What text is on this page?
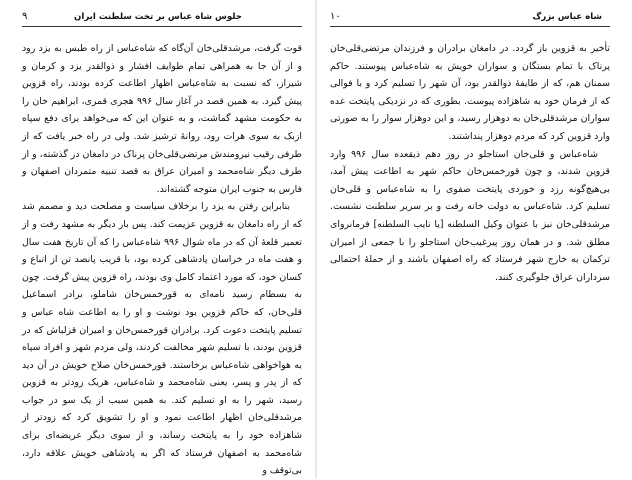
۹	جلوس شاه عباس بر تخت سلطنت ایران

قوت گرفت، مرشدقلی‌خان آن‌گاه که شاه‌عباس از راه طبس به یزد رود و از آن جا به همراهی تمام طوایف افشار و ذوالقدر یزد و کرمان و شیراز، که نسبت به شاه‌عباس اظهار اطاعت کرده بودند، راه قزوین پیش گیرد. به همین قصد در آغاز سال ۹۹۶ هجری قمری، ابراهیم خان را به حکومت مشهد گماشت، و به عنوان این که می‌خواهد برای دفع سپاه ازبک به سوی هرات رود، روانهٔ ترشیز شد. ولی در راه خبر یافت که از طرفی رقیب نیرومندش مرتضی‌قلی‌خان پرناک در دامغان در گذشته، و از طرف دیگر شاه‌محمد و امیران عراق به قصد تنبیه متمردان اصفهان و فارس به جنوب ایران متوجه گشته‌اند.

بنابراین رفتن به یزد را برخلاف سیاست و مصلحت دید و مصمم شد که از راه دامغان به قزوین عزیمت کند. پس بار دیگر به مشهد رفت و از تعمیر قلعهٔ آن که در ماه شوال ۹۹۶ شاه‌عباس را که آن تاریخ هفت سال و هفت ماه در خراسان پادشاهی کرده بود، با قریب پانصد تن از اتباع و کسان خود، که مورد اعتماد کامل وی بودند، راه قزوین پیش گرفت. چون به بسطام رسید نامه‌ای به قورخمس‌خان شاملو، برادر اسماعیل قلی‌خان، که حاکم قزوین بود نوشت و او را به اطاعت شاه عباس و تسلیم پایتخت دعوت کرد. برادران قورخمس‌خان و امیران قزلباش که در قزوین بودند، با تسلیم شهر مخالفت کردند، ولی مردم شهر و افراد سپاه به هواخواهی شاه‌عباس برخاستند. قورخمس‌خان صلاح خویش در آن دید که از پدر و پسر، یعنی شاه‌محمد و شاه‌عباس، هریک زودتر به قزوین رسید، شهر را به او تسلیم کند. به همین سبب از یک سو در جواب مرشدقلی‌خان اظهار اطاعت نمود و او را تشویق کرد که زودتر از شاهزاده خود را به پایتخت رساند، و از سوی دیگر عریضه‌ای برای شاه‌محمد به اصفهان فرستاد که اگر به پادشاهی خویش علاقه دارد، بی‌توقف و

۱۰	شاه عباس بزرگ

تأخیر به قزوین باز گردد. در دامغان برادران و فرزندان مرتضی‌قلی‌خان پرناک با تمام بستگان و سواران خویش به شاه‌عباس پیوستند. حاکم سمنان هم، که از طایفهٔ ذوالقدر بود، آن شهر را تسلیم کرد و با فوالی که از فرمان خود به شاهزاده پیوست. بطوری که در نزدیکی پایتخت عده سواران مرشدقلی‌خان به دوهزار رسید، و این دوهزار سوار را به صورتی وارد قزوین کرد که مردم دوهزار پنداشتند.

شاه‌عباس و قلی‌خان استاجلو در روز دهم ذیقعده سال ۹۹۶ وارد قزوین شدند، و چون قورخمس‌خان حاکم شهر به اطاعت پیش آمد، بی‌هیچ‌گونه رزد و خوردی پایتخت صفوی را به شاه‌عباس و قلی‌خان تسلیم کرد. شاه‌عباس به دولت خانه رفت و بر سریر سلطنت نشست. مرشدقلی‌خان نیز با عنوان وکیل السلطنه [یا نایب السلطنه] فرمانروای مطلق شد. و در همان روز پیرغیب‌خان استاجلو را با جمعی از امیران ترکمان به خارج شهر فرستاد که راه اصفهان باشند و از حملهٔ احتمالی سرداران عراق جلوگیری کنند.
